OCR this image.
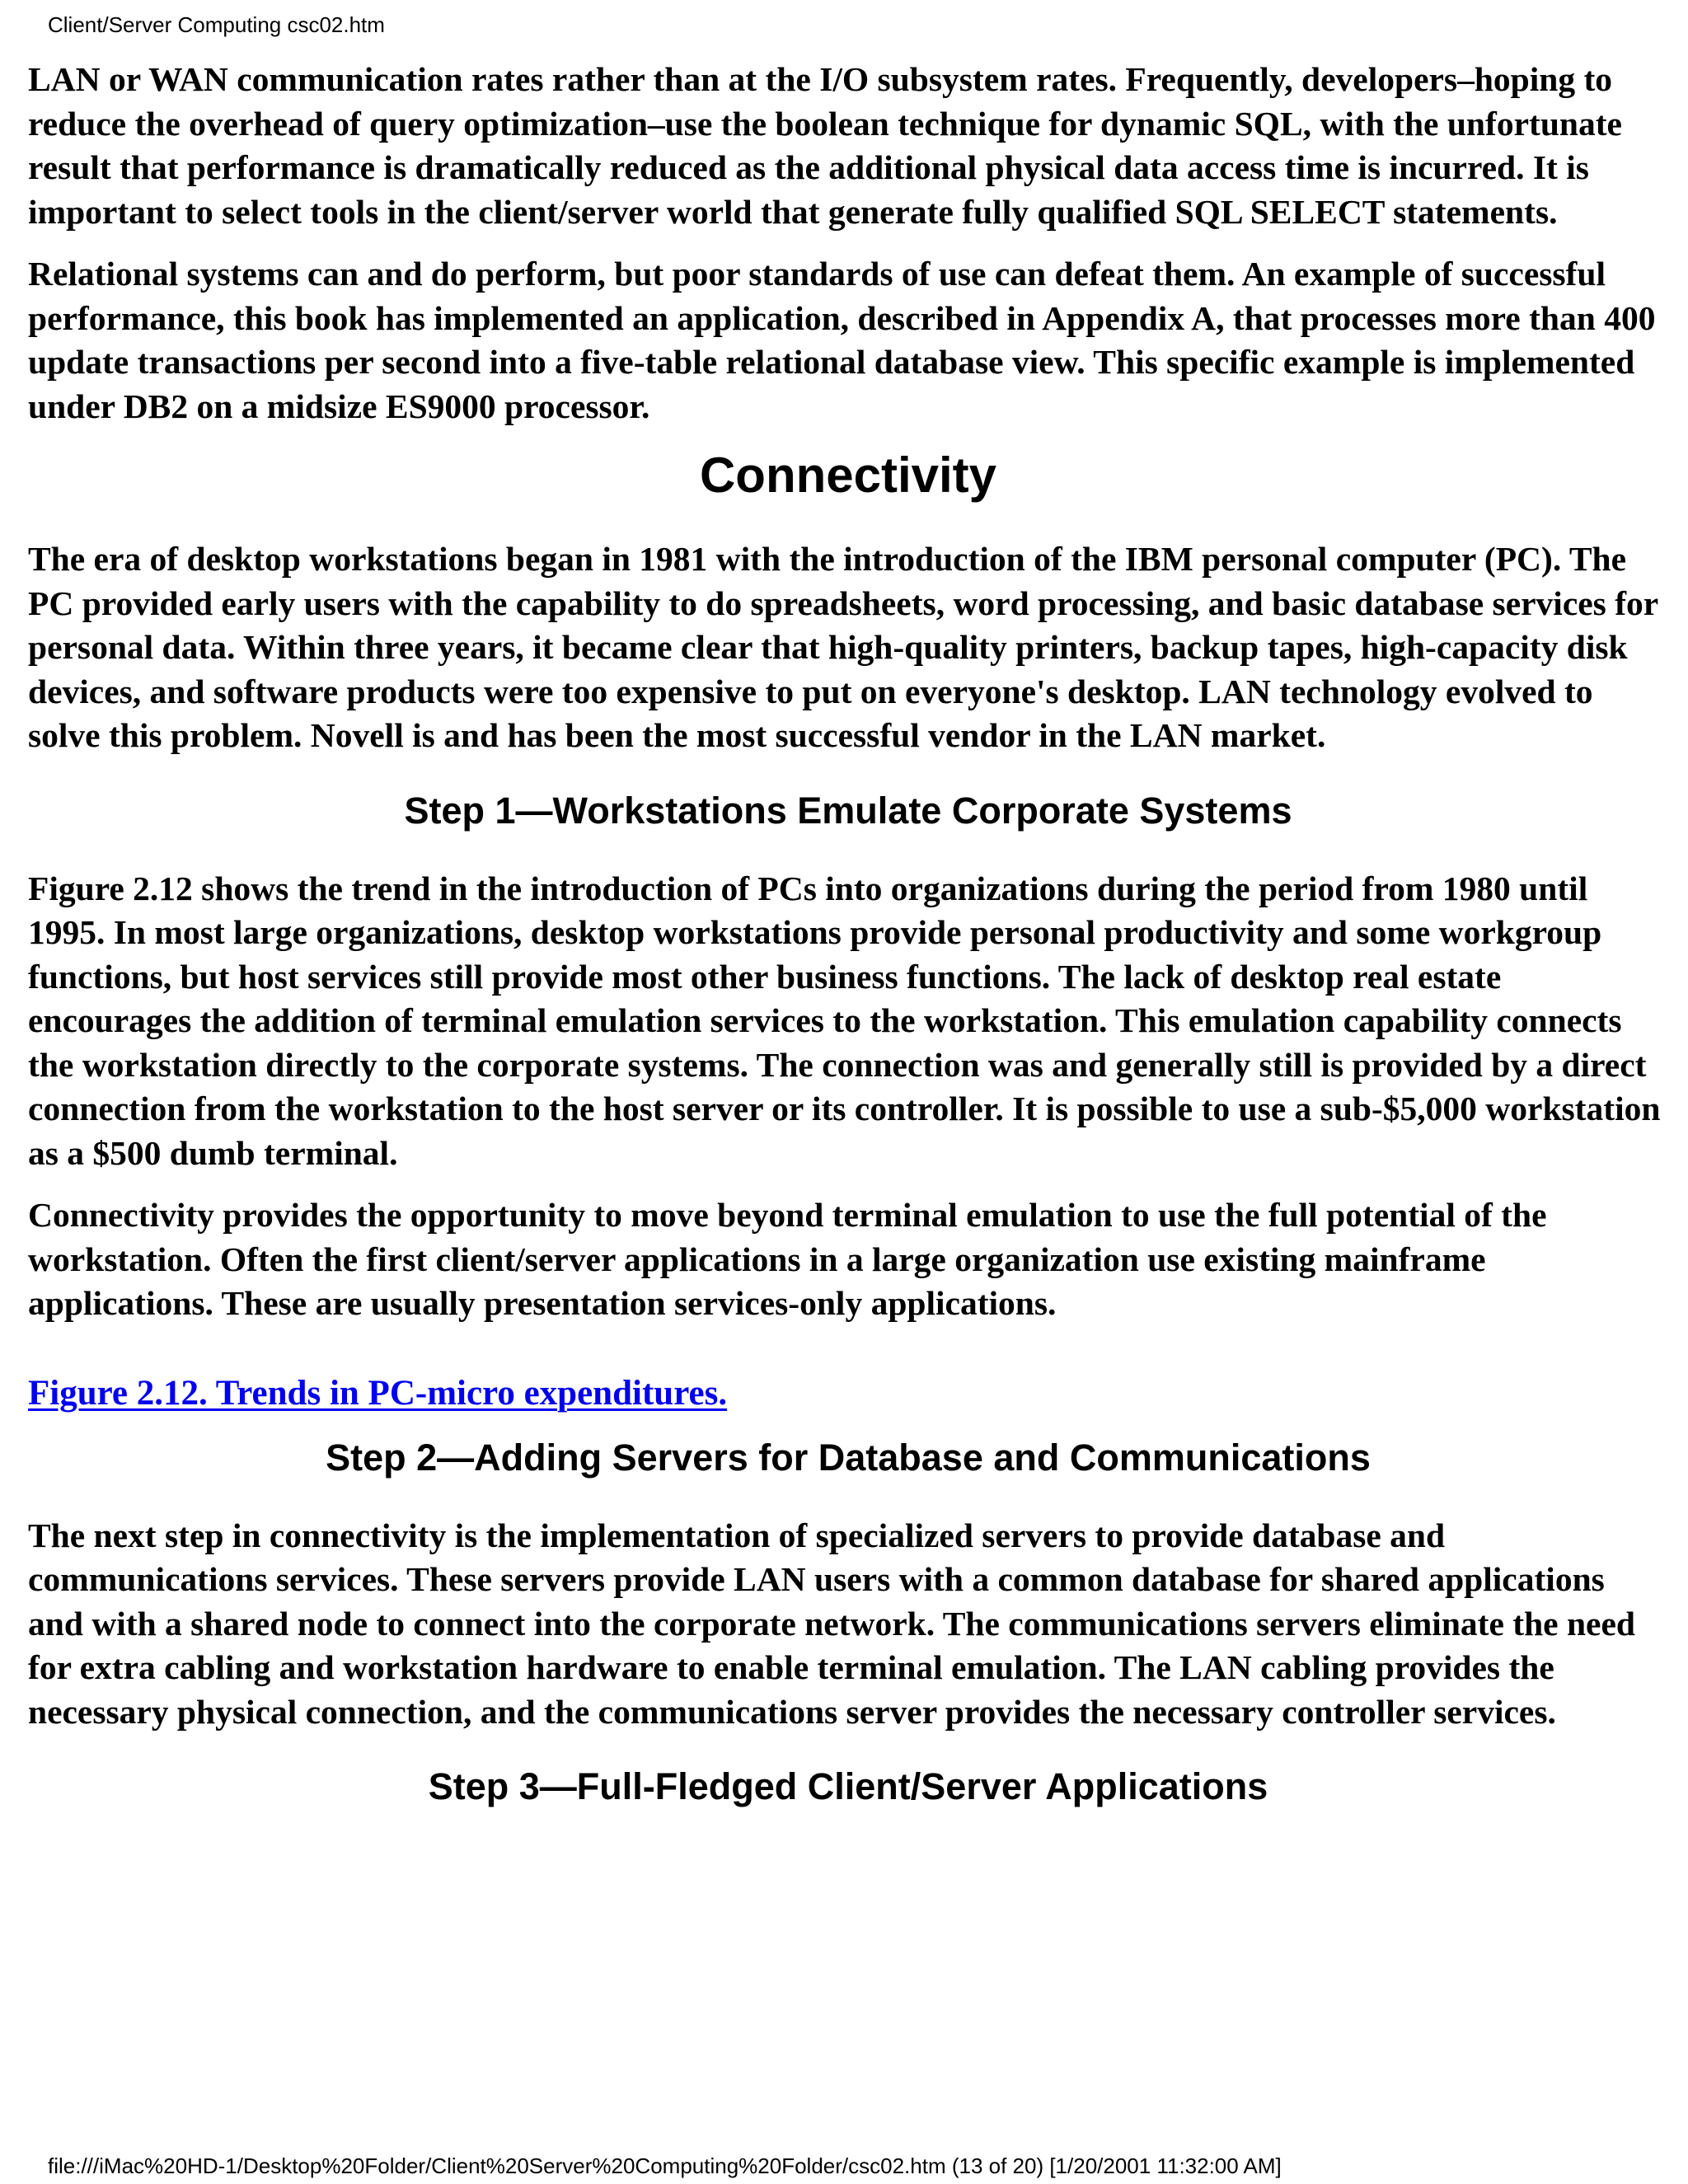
Client/Server Computing csc02.htm

LAN or WAN communication rates rather than at the I/O subsystem rates. Frequently, developers–hoping to reduce the overhead of query optimization–use the boolean technique for dynamic SQL, with the unfortunate result that performance is dramatically reduced as the additional physical data access time is incurred. It is important to select tools in the client/server world that generate fully qualified SQL SELECT statements.

Relational systems can and do perform, but poor standards of use can defeat them. An example of successful performance, this book has implemented an application, described in Appendix A, that processes more than 400 update transactions per second into a five-table relational database view. This specific example is implemented under DB2 on a midsize ES9000 processor.

Connectivity

The era of desktop workstations began in 1981 with the introduction of the IBM personal computer (PC). The PC provided early users with the capability to do spreadsheets, word processing, and basic database services for personal data. Within three years, it became clear that high-quality printers, backup tapes, high-capacity disk devices, and software products were too expensive to put on everyone's desktop. LAN technology evolved to solve this problem. Novell is and has been the most successful vendor in the LAN market.

Step 1—Workstations Emulate Corporate Systems

Figure 2.12 shows the trend in the introduction of PCs into organizations during the period from 1980 until 1995. In most large organizations, desktop workstations provide personal productivity and some workgroup functions, but host services still provide most other business functions. The lack of desktop real estate encourages the addition of terminal emulation services to the workstation. This emulation capability connects the workstation directly to the corporate systems. The connection was and generally still is provided by a direct connection from the workstation to the host server or its controller. It is possible to use a sub-$5,000 workstation as a $500 dumb terminal.

Connectivity provides the opportunity to move beyond terminal emulation to use the full potential of the workstation. Often the first client/server applications in a large organization use existing mainframe applications. These are usually presentation services-only applications.

Figure 2.12. Trends in PC-micro expenditures.

Step 2—Adding Servers for Database and Communications

The next step in connectivity is the implementation of specialized servers to provide database and communications services. These servers provide LAN users with a common database for shared applications and with a shared node to connect into the corporate network. The communications servers eliminate the need for extra cabling and workstation hardware to enable terminal emulation. The LAN cabling provides the necessary physical connection, and the communications server provides the necessary controller services.

Step 3—Full-Fledged Client/Server Applications
file:///iMac%20HD-1/Desktop%20Folder/Client%20Server%20Computing%20Folder/csc02.htm (13 of 20) [1/20/2001 11:32:00 AM]
